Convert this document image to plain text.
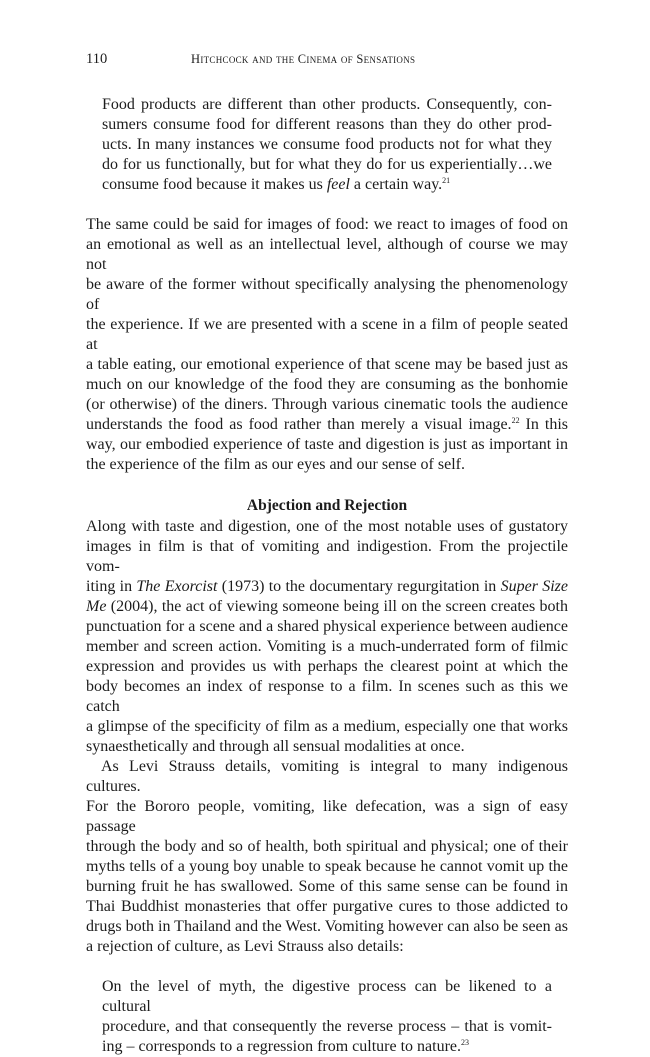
110	Hitchcock and the Cinema of Sensations
Food products are different than other products. Consequently, con-
sumers consume food for different reasons than they do other prod-
ucts. In many instances we consume food products not for what they
do for us functionally, but for what they do for us experientially…we
consume food because it makes us feel a certain way.$^{21}$
The same could be said for images of food: we react to images of food on
an emotional as well as an intellectual level, although of course we may not
be aware of the former without specifically analysing the phenomenology of
the experience. If we are presented with a scene in a film of people seated at
a table eating, our emotional experience of that scene may be based just as
much on our knowledge of the food they are consuming as the bonhomie
(or otherwise) of the diners. Through various cinematic tools the audience
understands the food as food rather than merely a visual image.$^{22}$ In this
way, our embodied experience of taste and digestion is just as important in
the experience of the film as our eyes and our sense of self.
Abjection and Rejection
Along with taste and digestion, one of the most notable uses of gustatory
images in film is that of vomiting and indigestion. From the projectile vom-
iting in The Exorcist (1973) to the documentary regurgitation in Super Size
Me (2004), the act of viewing someone being ill on the screen creates both
punctuation for a scene and a shared physical experience between audience
member and screen action. Vomiting is a much-underrated form of filmic
expression and provides us with perhaps the clearest point at which the
body becomes an index of response to a film. In scenes such as this we catch
a glimpse of the specificity of film as a medium, especially one that works
synaesthetically and through all sensual modalities at once.
As Levi Strauss details, vomiting is integral to many indigenous cultures.
For the Bororo people, vomiting, like defecation, was a sign of easy passage
through the body and so of health, both spiritual and physical; one of their
myths tells of a young boy unable to speak because he cannot vomit up the
burning fruit he has swallowed. Some of this same sense can be found in
Thai Buddhist monasteries that offer purgative cures to those addicted to
drugs both in Thailand and the West. Vomiting however can also be seen as
a rejection of culture, as Levi Strauss also details:
On the level of myth, the digestive process can be likened to a cultural
procedure, and that consequently the reverse process – that is vomit-
ing – corresponds to a regression from culture to nature.$^{23}$
